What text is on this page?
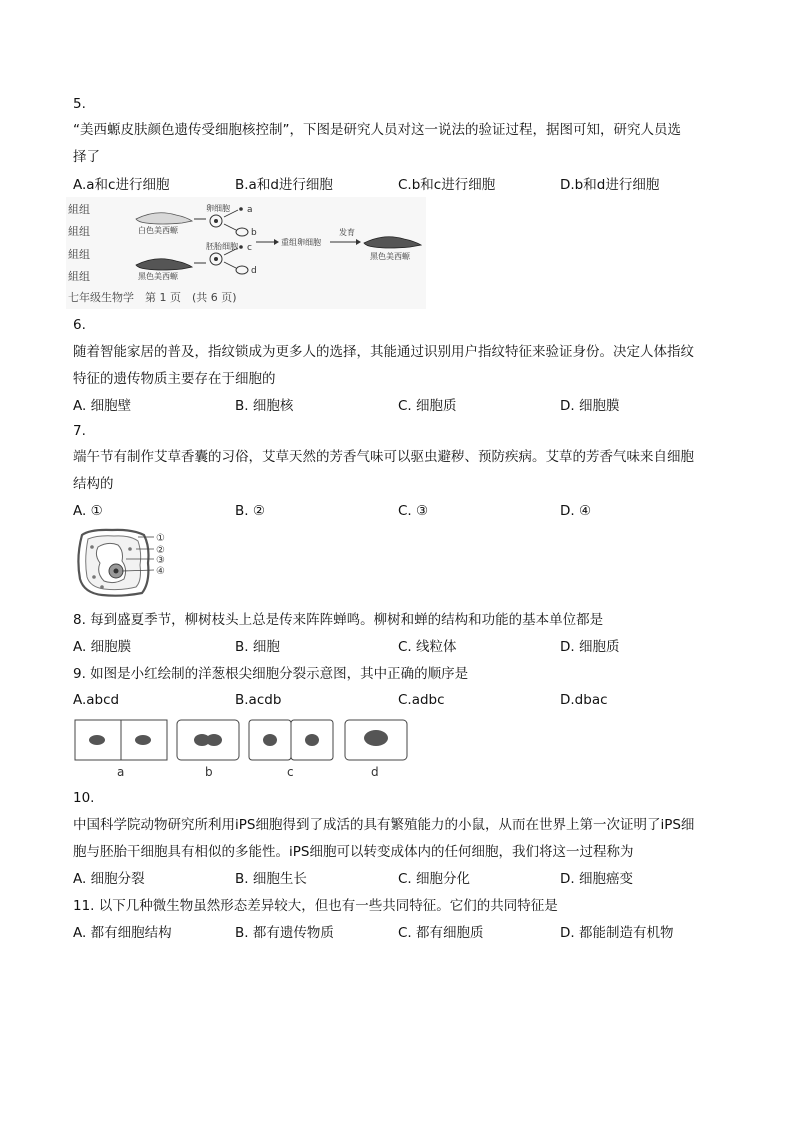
5.
“美西螈皮肤颜色遗传受细胞核控制”，下图是研究人员对这一说法的验证过程，据图可知，研究人员选
择了
A.a和c进行细胞	B.a和d进行细胞	C.b和c进行细胞	D.b和d进行细胞
組组
組组
組组
組组
白色美西螈
黑色美西螈
卵细胞 a
b
胚胎细胞 c
d
重组卵细胞
发育
黑色美西螈
七年级生物学　第 1 页　(共 6 页)
6.
随着智能家居的普及，指纹锁成为更多人的选择，其能通过识别用户指纹特征来验证身份。决定人体指纹
特征的遗传物质主要存在于细胞的
A. 细胞壁	B. 细胞核	C. 细胞质	D. 细胞膜
7.
端午节有制作艾草香囊的习俗，艾草天然的芳香气味可以驱虫避秽、预防疾病。艾草的芳香气味来自细胞
结构的
A. ①	B. ②	C. ③	D. ④
①
②
③
④
8. 每到盛夏季节，柳树枝头上总是传来阵阵蝉鸣。柳树和蝉的结构和功能的基本单位都是
A. 细胞膜	B. 细胞	C. 线粒体	D. 细胞质
9. 如图是小红绘制的洋葱根尖细胞分裂示意图，其中正确的顺序是
A.abcd	B.acdb	C.adbc	D.dbac
a	b	c	d
10.
中国科学院动物研究所利用iPS细胞得到了成活的具有繁殖能力的小鼠，从而在世界上第一次证明了iPS细
胞与胚胎干细胞具有相似的多能性。iPS细胞可以转变成体内的任何细胞，我们将这一过程称为
A. 细胞分裂	B. 细胞生长	C. 细胞分化	D. 细胞癌变
11. 以下几种微生物虽然形态差异较大，但也有一些共同特征。它们的共同特征是
A. 都有细胞结构	B. 都有遗传物质	C. 都有细胞质	D. 都能制造有机物
